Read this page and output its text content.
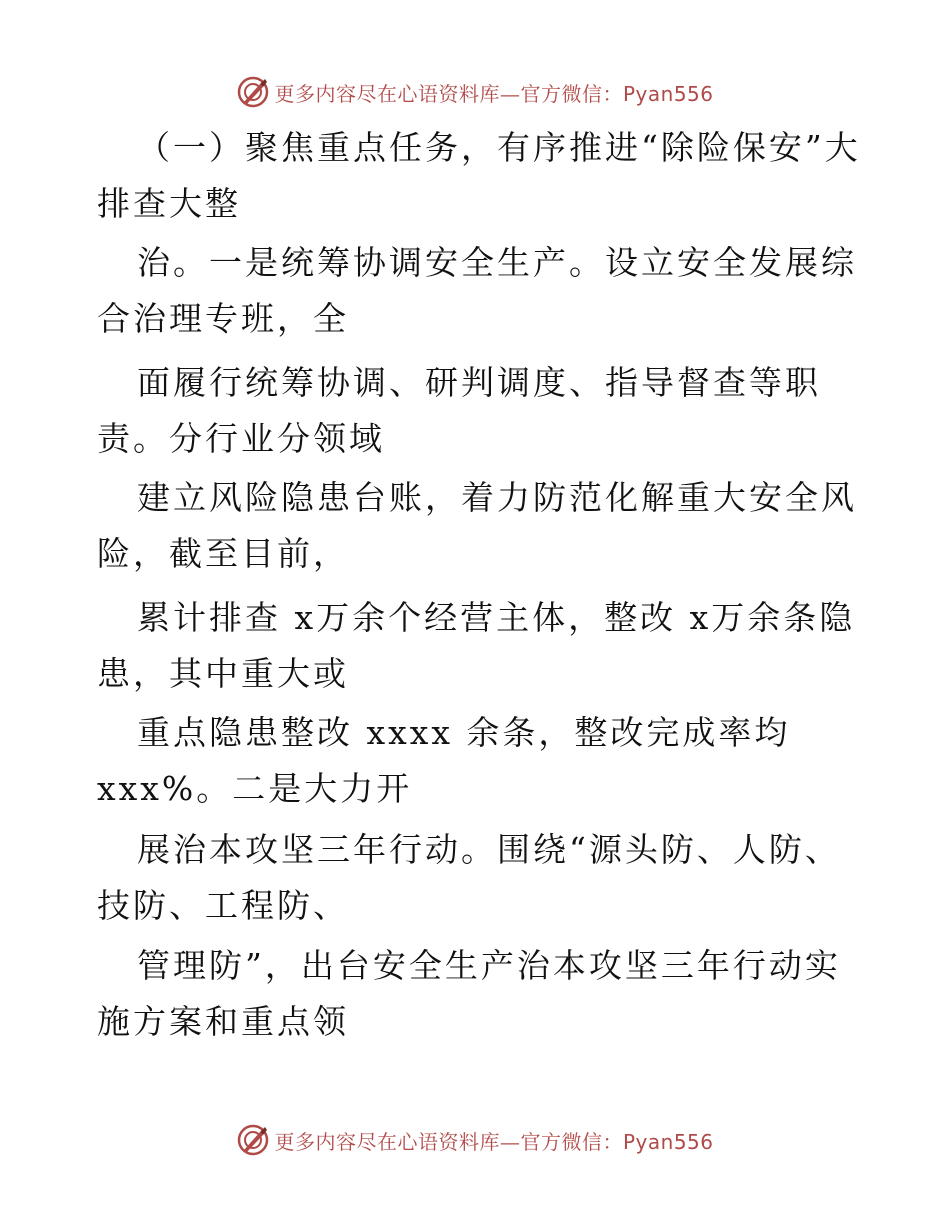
更多内容尽在心语资料库—官方微信：Pyan556

（一）聚焦重点任务，有序推进“除险保安”大排查大整

治。一是统筹协调安全生产。设立安全发展综合治理专班，全

面履行统筹协调、研判调度、指导督查等职责。分行业分领域

建立风险隐患台账，着力防范化解重大安全风险，截至目前，

累计排查 x万余个经营主体，整改 x万余条隐患，其中重大或

重点隐患整改 xxxx 余条，整改完成率均 xxx%。二是大力开

展治本攻坚三年行动。围绕“源头防、人防、技防、工程防、

管理防”，出台安全生产治本攻坚三年行动实施方案和重点领

更多内容尽在心语资料库—官方微信：Pyan556
